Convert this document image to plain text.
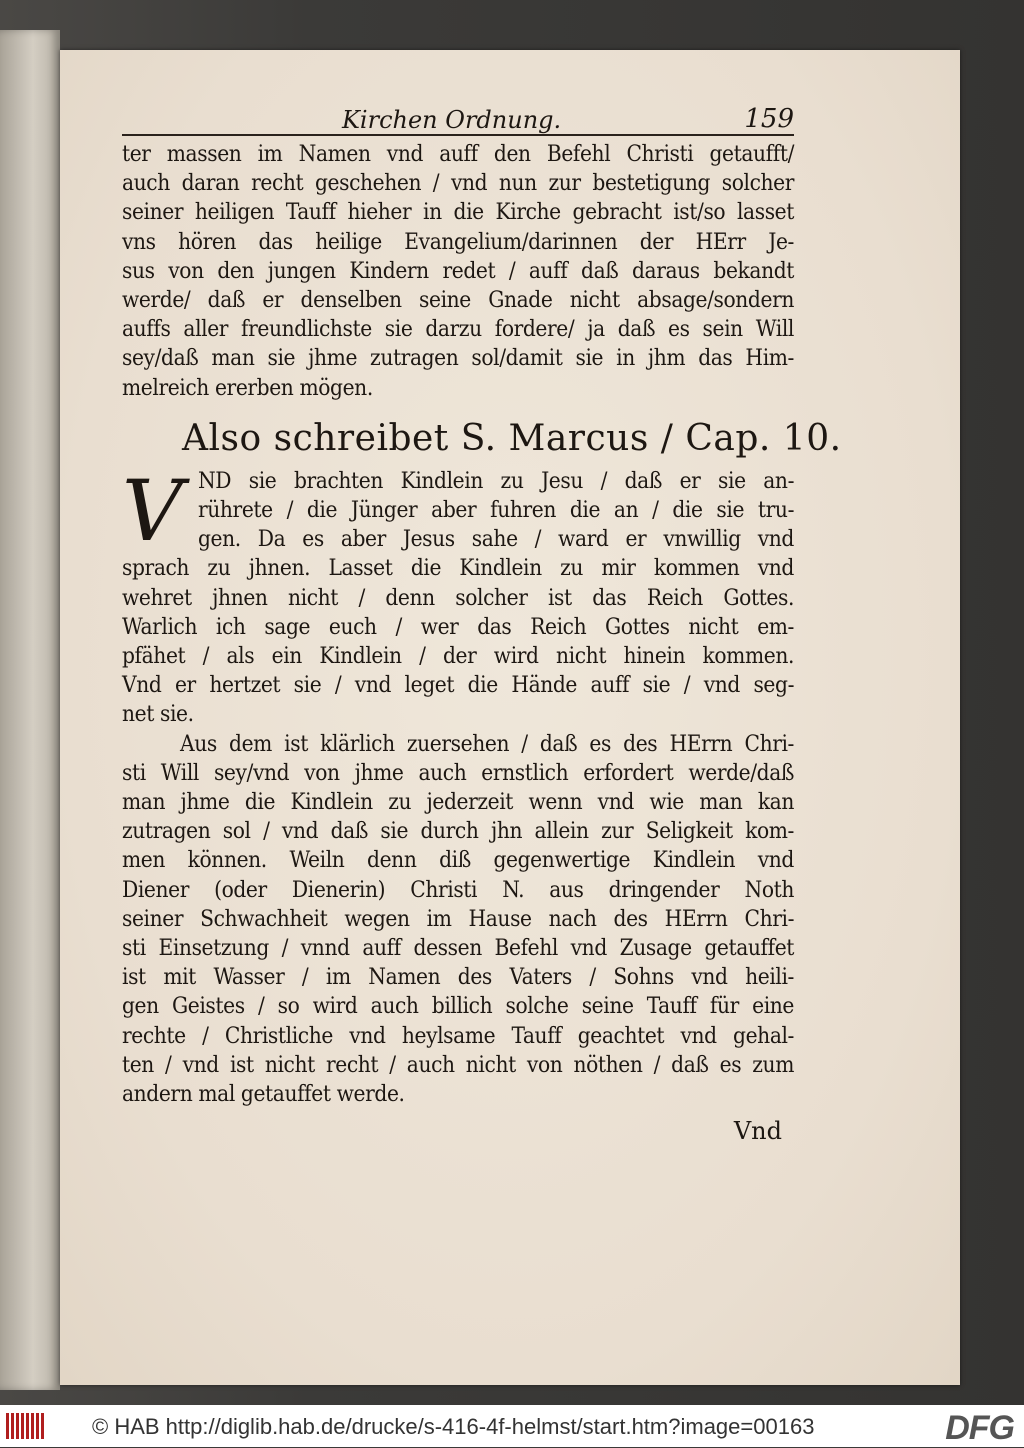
Kirchen Ordnung.	159
ter massen im Namen vnd auff den Befehl Christi getaufft/
auch daran recht geschehen / vnd nun zur bestetigung solcher
seiner heiligen Tauff hieher in die Kirche gebracht ist/so lasset
vns hören das heilige Evangelium/darinnen der HErr Je-
sus von den jungen Kindern redet / auff daß daraus bekandt
werde/ daß er denselben seine Gnade nicht absage/sondern
auffs aller freundlichste sie darzu fordere/ ja daß es sein Will
sey/daß man sie jhme zutragen sol/damit sie in jhm das Him-
melreich ererben mögen.
Also schreibet S. Marcus / Cap. 10.
V ND sie brachten Kindlein zu Jesu / daß er sie an-
rührete / die Jünger aber fuhren die an / die sie tru-
gen. Da es aber Jesus sahe / ward er vnwillig vnd
sprach zu jhnen. Lasset die Kindlein zu mir kommen vnd
wehret jhnen nicht / denn solcher ist das Reich Gottes.
Warlich ich sage euch / wer das Reich Gottes nicht em-
pfähet / als ein Kindlein / der wird nicht hinein kommen.
Vnd er hertzet sie / vnd leget die Hände auff sie / vnd seg-
net sie.
Aus dem ist klärlich zuersehen / daß es des HErrn Chri-
sti Will sey/vnd von jhme auch ernstlich erfordert werde/daß
man jhme die Kindlein zu jederzeit wenn vnd wie man kan
zutragen sol / vnd daß sie durch jhn allein zur Seligkeit kom-
men können. Weiln denn diß gegenwertige Kindlein vnd
Diener (oder Dienerin) Christi N. aus dringender Noth
seiner Schwachheit wegen im Hause nach des HErrn Chri-
sti Einsetzung / vnnd auff dessen Befehl vnd Zusage getauffet
ist mit Wasser / im Namen des Vaters / Sohns vnd heili-
gen Geistes / so wird auch billich solche seine Tauff für eine
rechte / Christliche vnd heylsame Tauff geachtet vnd gehal-
ten / vnd ist nicht recht / auch nicht von nöthen / daß es zum
andern mal getauffet werde.
Vnd
© HAB http://diglib.hab.de/drucke/s-416-4f-helmst/start.htm?image=00163	DFG
